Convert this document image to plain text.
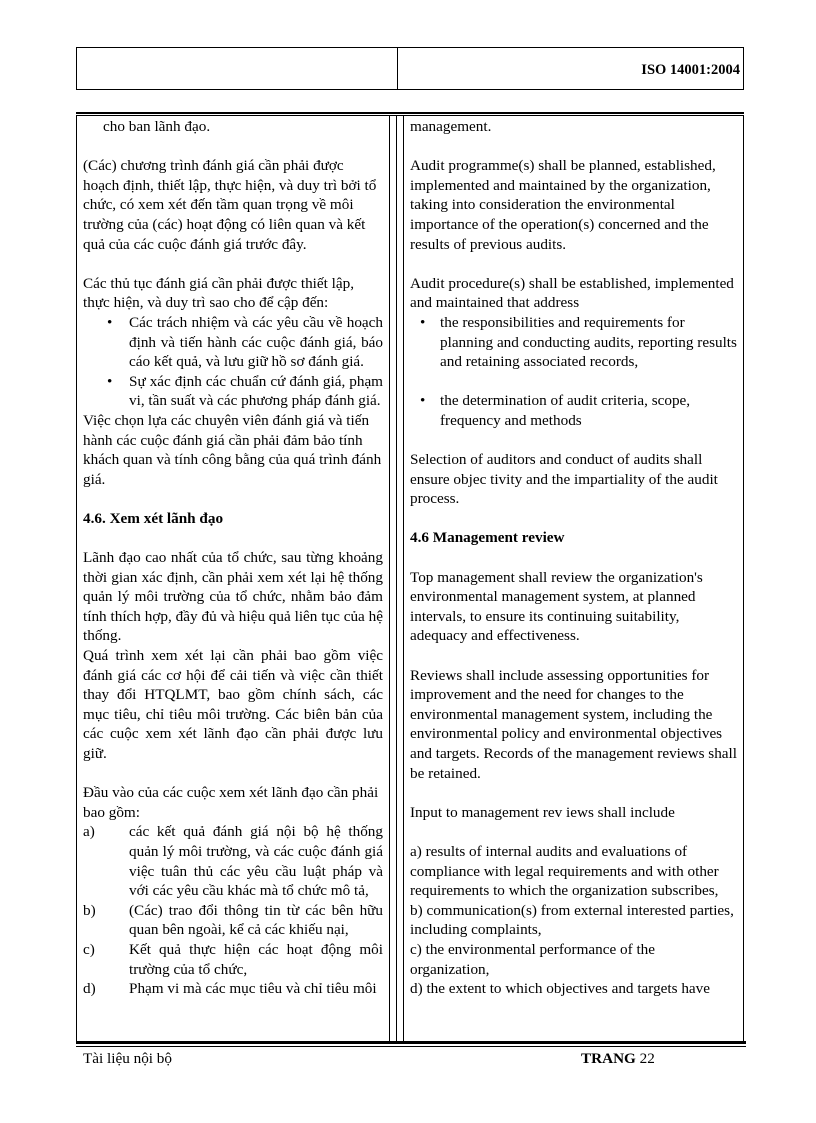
ISO 14001:2004

cho ban lãnh đạo.

(Các) chương trình đánh giá cần phải được hoạch định, thiết lập, thực hiện, và duy trì bởi tổ chức, có xem xét đến tầm quan trọng về môi trường của (các) hoạt động có liên quan và kết quả của các cuộc đánh giá trước đây.

Các thủ tục đánh giá cần phải được thiết lập, thực hiện, và duy trì sao cho để cập đến:

• Các trách nhiệm và các yêu cầu về hoạch định và tiến hành các cuộc đánh giá, báo cáo kết quả, và lưu giữ hồ sơ đánh giá.
• Sự xác định các chuẩn cứ đánh giá, phạm vi, tần suất và các phương pháp đánh giá.

Việc chọn lựa các chuyên viên đánh giá và tiến hành các cuộc đánh giá cần phải đảm bảo tính khách quan và tính công bằng của quá trình đánh giá.

4.6. Xem xét lãnh đạo

Lãnh đạo cao nhất của tổ chức, sau từng khoảng thời gian xác định, cần phải xem xét lại hệ thống quản lý môi trường của tổ chức, nhằm bảo đảm tính thích hợp, đầy đủ và hiệu quả liên tục của hệ thống.

Quá trình xem xét lại cần phải bao gồm việc đánh giá các cơ hội để cải tiến và việc cần thiết thay đổi HTQLMT, bao gồm chính sách, các mục tiêu, chỉ tiêu môi trường. Các biên bản của các cuộc xem xét lãnh đạo cần phải được lưu giữ.

Đầu vào của các cuộc xem xét lãnh đạo cần phải bao gồm:

a) các kết quả đánh giá nội bộ hệ thống quản lý môi trường, và các cuộc đánh giá việc tuân thủ các yêu cầu luật pháp và với các yêu cầu khác mà tổ chức mô tả,
b) (Các) trao đổi thông tin từ các bên hữu quan bên ngoài, kể cả các khiếu nại,
c) Kết quả thực hiện các hoạt động môi trường của tổ chức,
d) Phạm vi mà các mục tiêu và chỉ tiêu môi

management.

Audit programme(s) shall be planned, established, implemented and maintained by the organization, taking into consideration the environmental importance of the operation(s) concerned and the results of previous audits.

Audit procedure(s) shall be established, implemented and maintained that address

• the responsibilities and requirements for planning and conducting audits, reporting results and retaining associated records,
• the determination of audit criteria, scope, frequency and methods

Selection of auditors and conduct of audits shall ensure objec tivity and the impartiality of the audit process.

4.6 Management review

Top management shall review the organization's environmental management system, at planned intervals, to ensure its continuing suitability, adequacy and effectiveness.

Reviews shall include assessing opportunities for improvement and the need for changes to the environmental management system, including the environmental policy and environmental objectives and targets. Records of the management reviews shall be retained.

Input to management rev iews shall include

a) results of internal audits and evaluations of compliance with legal requirements and with other requirements to which the organization subscribes,

b) communication(s) from external interested parties, including complaints,

c) the environmental performance of the organization,

d) the extent to which objectives and targets have

Tài liệu nội bộ	TRANG 22
